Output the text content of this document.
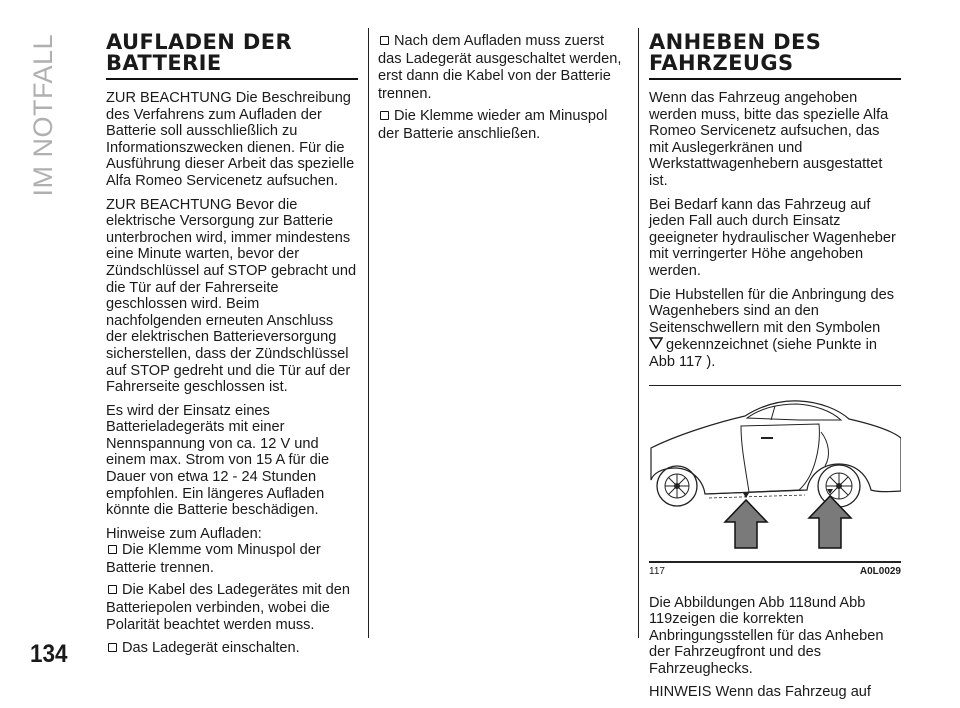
IM NOTFALL
134
AUFLADEN DER BATTERIE

ZUR BEACHTUNG Die Beschreibung des Verfahrens zum Aufladen der Batterie soll ausschließlich zu Informationszwecken dienen. Für die Ausführung dieser Arbeit das spezielle Alfa Romeo Servicenetz aufsuchen.

ZUR BEACHTUNG Bevor die elektrische Versorgung zur Batterie unterbrochen wird, immer mindestens eine Minute warten, bevor der Zündschlüssel auf STOP gebracht und die Tür auf der Fahrerseite geschlossen wird. Beim nachfolgenden erneuten Anschluss der elektrischen Batterieversorgung sicherstellen, dass der Zündschlüssel auf STOP gedreht und die Tür auf der Fahrerseite geschlossen ist.

Es wird der Einsatz eines Batterieladegeräts mit einer Nennspannung von ca. 12 V und einem max. Strom von 15 A für die Dauer von etwa 12 - 24 Stunden empfohlen. Ein längeres Aufladen könnte die Batterie beschädigen.

Hinweise zum Aufladen:

Die Klemme vom Minuspol der Batterie trennen.
Die Kabel des Ladegerätes mit den Batteriepolen verbinden, wobei die Polarität beachtet werden muss.
Das Ladegerät einschalten.
Nach dem Aufladen muss zuerst das Ladegerät ausgeschaltet werden, erst dann die Kabel von der Batterie trennen.
Die Klemme wieder am Minuspol der Batterie anschließen.
ANHEBEN DES FAHRZEUGS

Wenn das Fahrzeug angehoben werden muss, bitte das spezielle Alfa Romeo Servicenetz aufsuchen, das mit Auslegerkränen und Werkstattwagenhebern ausgestattet ist.

Bei Bedarf kann das Fahrzeug auf jeden Fall auch durch Einsatz geeigneter hydraulischer Wagenheber mit verringerter Höhe angehoben werden.

Die Hubstellen für die Anbringung des Wagenhebers sind an den Seitenschwellern mit den Symbolen
gekennzeichnet (siehe Punkte in Abb 117 ).

117	A0L0029

Die Abbildungen Abb 118und Abb 119zeigen die korrekten Anbringungsstellen für das Anheben der Fahrzeugfront und des Fahrzeughecks.

HINWEIS Wenn das Fahrzeug auf
